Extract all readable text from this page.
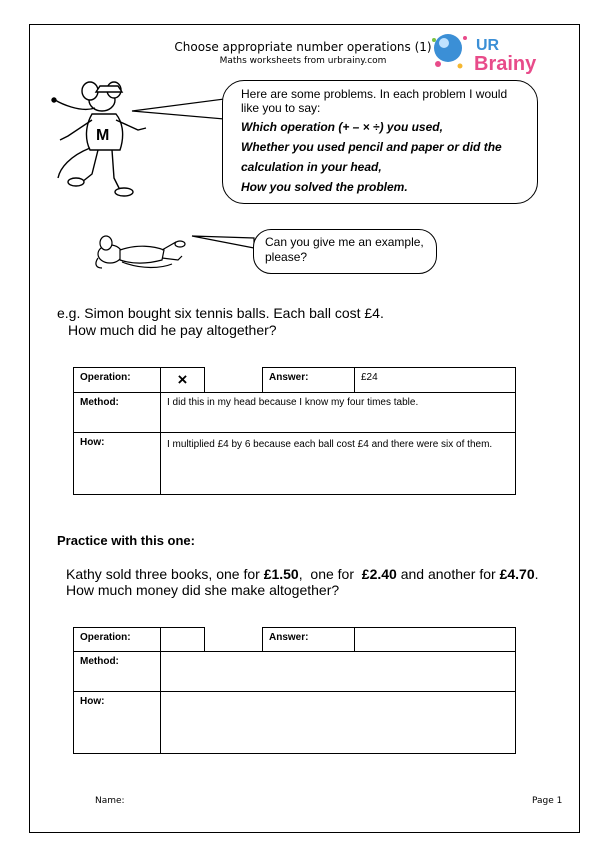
Choose appropriate number operations (1)
Maths worksheets from urbrainy.com
UR
Brainy
M
Here are some problems. In each problem I would like you to say:
Which operation (+ – × ÷) you used,
Whether you used pencil and paper or did the calculation in your head,
How you solved the problem.
Can you give me an example, please?
e.g. Simon bought six tennis balls. Each ball cost £4.
How much did he pay altogether?
Operation:	×		Answer:	£24
Method:	I did this in my head because I know my four times table.			
How:	I multiplied £4 by 6 because each ball cost £4 and there were six of them.			
Practice with this one:
Kathy sold three books, one for £1.50,  one for  £2.40 and another for £4.70.
How much money did she make altogether?
Operation:			Answer:	
Method:				
How:				
Name:	Page 1
